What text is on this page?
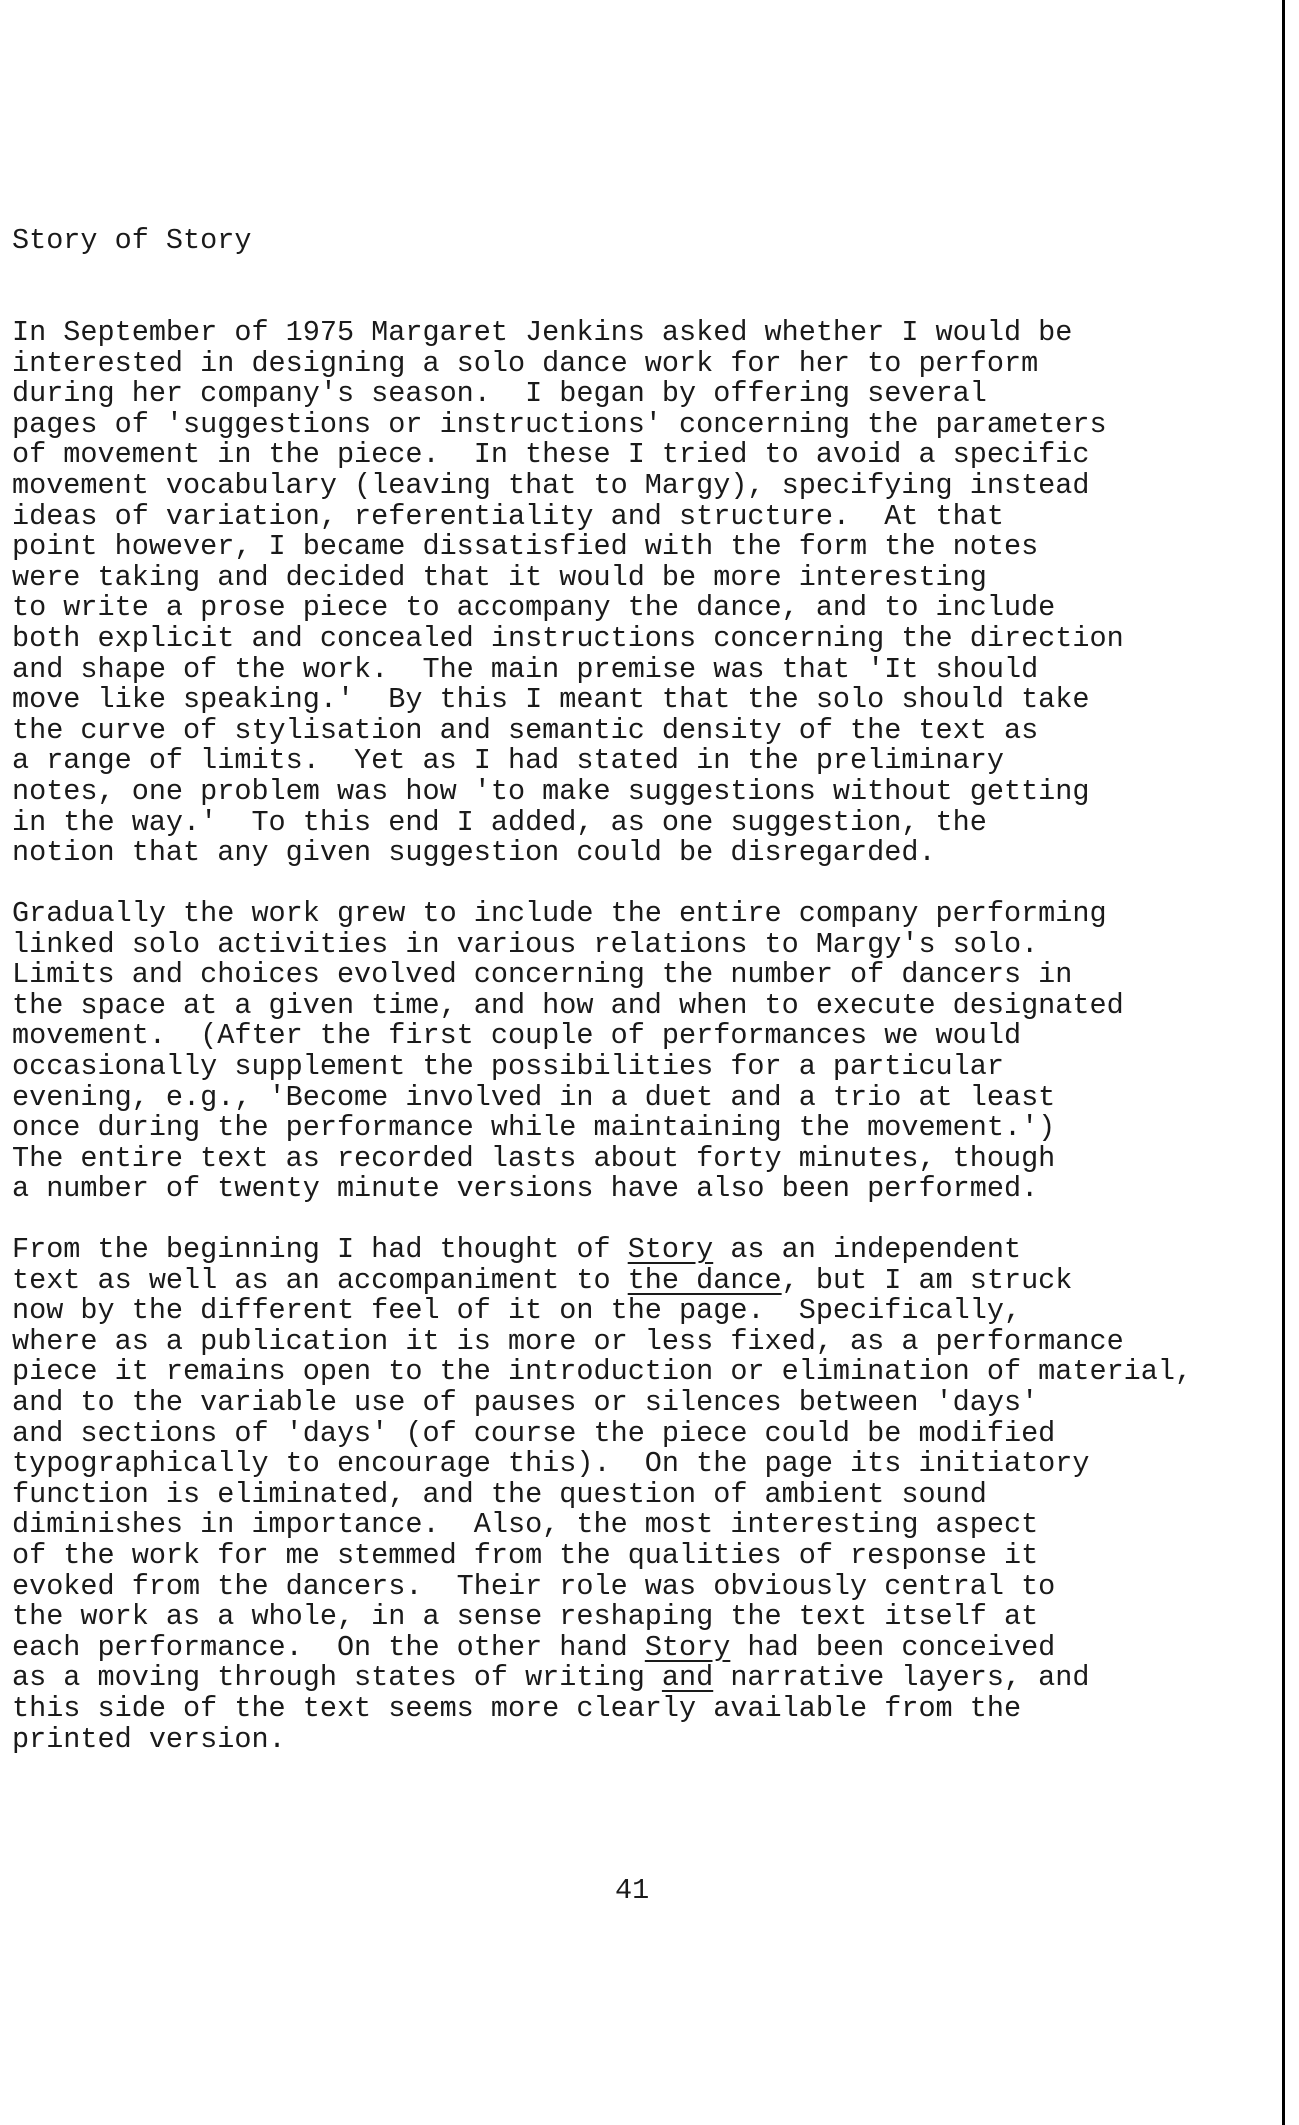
Story of Story

In September of 1975 Margaret Jenkins asked whether I would be
interested in designing a solo dance work for her to perform
during her company's season.  I began by offering several
pages of 'suggestions or instructions' concerning the parameters
of movement in the piece.  In these I tried to avoid a specific
movement vocabulary (leaving that to Margy), specifying instead
ideas of variation, referentiality and structure.  At that
point however, I became dissatisfied with the form the notes
were taking and decided that it would be more interesting
to write a prose piece to accompany the dance, and to include
both explicit and concealed instructions concerning the direction
and shape of the work.  The main premise was that 'It should
move like speaking.'  By this I meant that the solo should take
the curve of stylisation and semantic density of the text as
a range of limits.  Yet as I had stated in the preliminary
notes, one problem was how 'to make suggestions without getting
in the way.'  To this end I added, as one suggestion, the
notion that any given suggestion could be disregarded.
Gradually the work grew to include the entire company performing
linked solo activities in various relations to Margy's solo.
Limits and choices evolved concerning the number of dancers in
the space at a given time, and how and when to execute designated
movement.  (After the first couple of performances we would
occasionally supplement the possibilities for a particular
evening, e.g., 'Become involved in a duet and a trio at least
once during the performance while maintaining the movement.')
The entire text as recorded lasts about forty minutes, though
a number of twenty minute versions have also been performed.
From the beginning I had thought of Story as an independent
text as well as an accompaniment to the dance, but I am struck
now by the different feel of it on the page.  Specifically,
where as a publication it is more or less fixed, as a performance
piece it remains open to the introduction or elimination of material,
and to the variable use of pauses or silences between 'days'
and sections of 'days' (of course the piece could be modified
typographically to encourage this).  On the page its initiatory
function is eliminated, and the question of ambient sound
diminishes in importance.  Also, the most interesting aspect
of the work for me stemmed from the qualities of response it
evoked from the dancers.  Their role was obviously central to
the work as a whole, in a sense reshaping the text itself at
each performance.  On the other hand Story had been conceived
as a moving through states of writing and narrative layers, and
this side of the text seems more clearly available from the
printed version.

41
